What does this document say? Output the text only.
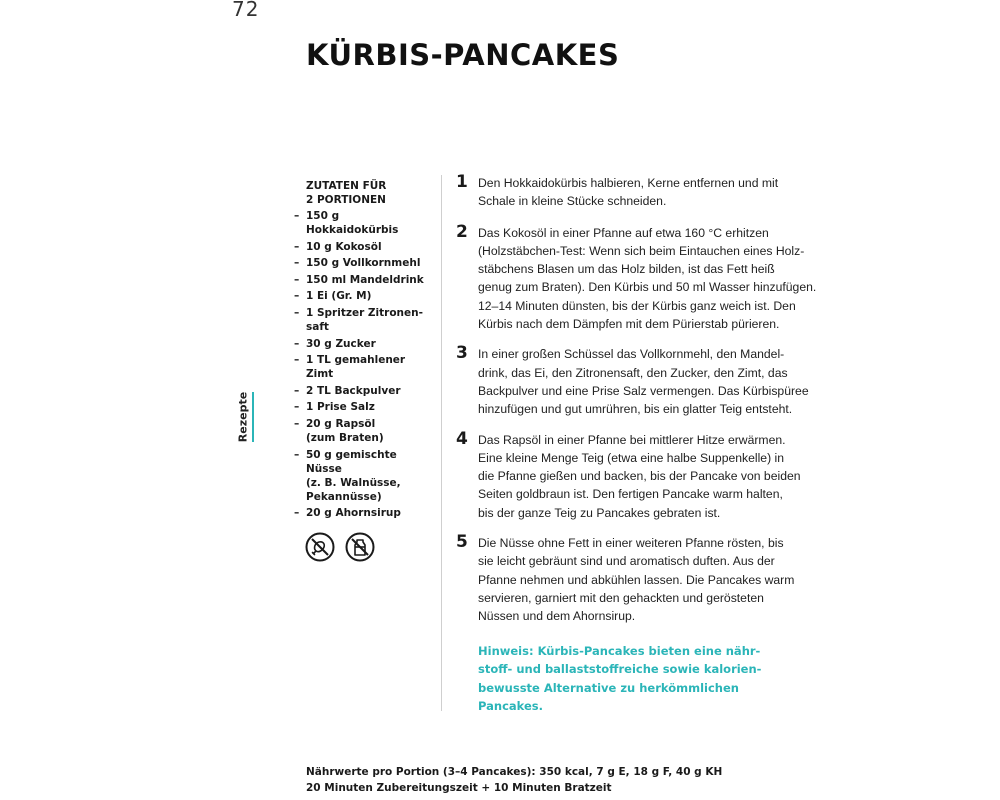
72
KÜRBIS-PANCAKES
Rezepte
ZUTATEN FÜR
2 PORTIONEN
– 150 g Hokkaidokürbis
– 10 g Kokosöl
– 150 g Vollkornmehl
– 150 ml Mandeldrink
– 1 Ei (Gr. M)
– 1 Spritzer Zitronen-
saft
– 30 g Zucker
– 1 TL gemahlener
Zimt
– 2 TL Backpulver
– 1 Prise Salz
– 20 g Rapsöl
(zum Braten)
– 50 g gemischte Nüsse
(z. B. Walnüsse,
Pekannüsse)
– 20 g Ahornsirup
1 Den Hokkaidokürbis halbieren, Kerne entfernen und mit
Schale in kleine Stücke schneiden.

2 Das Kokosöl in einer Pfanne auf etwa 160 °C erhitzen
(Holzstäbchen-Test: Wenn sich beim Eintauchen eines Holz-
stäbchens Blasen um das Holz bilden, ist das Fett heiß
genug zum Braten). Den Kürbis und 50 ml Wasser hinzufügen.
12–14 Minuten dünsten, bis der Kürbis ganz weich ist. Den
Kürbis nach dem Dämpfen mit dem Pürierstab pürieren.

3 In einer großen Schüssel das Vollkornmehl, den Mandel-
drink, das Ei, den Zitronensaft, den Zucker, den Zimt, das
Backpulver und eine Prise Salz vermengen. Das Kürbispüree
hinzufügen und gut umrühren, bis ein glatter Teig entsteht.

4 Das Rapsöl in einer Pfanne bei mittlerer Hitze erwärmen.
Eine kleine Menge Teig (etwa eine halbe Suppenkelle) in
die Pfanne gießen und backen, bis der Pancake von beiden
Seiten goldbraun ist. Den fertigen Pancake warm halten,
bis der ganze Teig zu Pancakes gebraten ist.

5 Die Nüsse ohne Fett in einer weiteren Pfanne rösten, bis
sie leicht gebräunt sind und aromatisch duften. Aus der
Pfanne nehmen und abkühlen lassen. Die Pancakes warm
servieren, garniert mit den gehackten und gerösteten
Nüssen und dem Ahornsirup.

Hinweis: Kürbis-Pancakes bieten eine nähr-
stoff- und ballaststoffreiche sowie kalorien-
bewusste Alternative zu herkömmlichen
Pancakes.
Nährwerte pro Portion (3–4 Pancakes): 350 kcal, 7 g E, 18 g F, 40 g KH
20 Minuten Zubereitungszeit + 10 Minuten Bratzeit
